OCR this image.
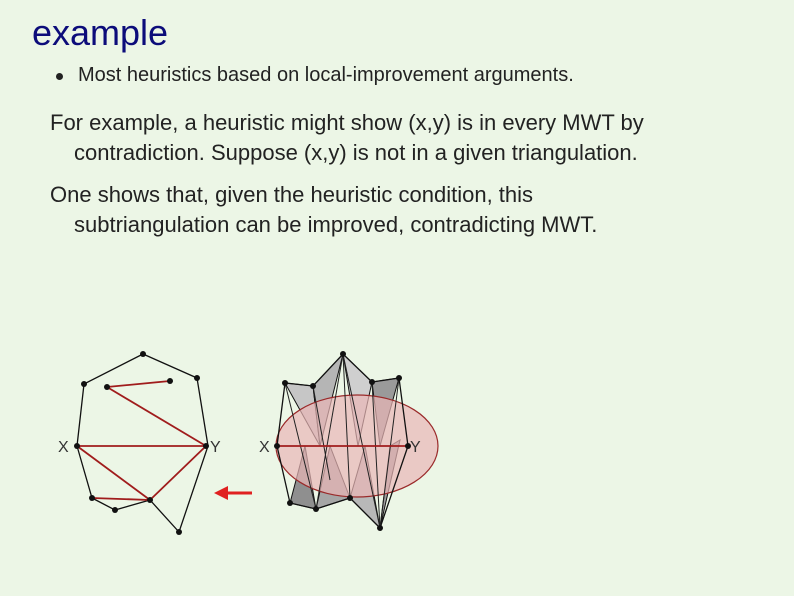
example
Most heuristics based on local-improvement arguments.

For example, a heuristic might show (x,y) is in every MWT by
contradiction. Suppose (x,y) is not in a given triangulation.

One shows that, given the heuristic condition, this
subtriangulation can be improved, contradicting MWT.

X	Y X	Y
